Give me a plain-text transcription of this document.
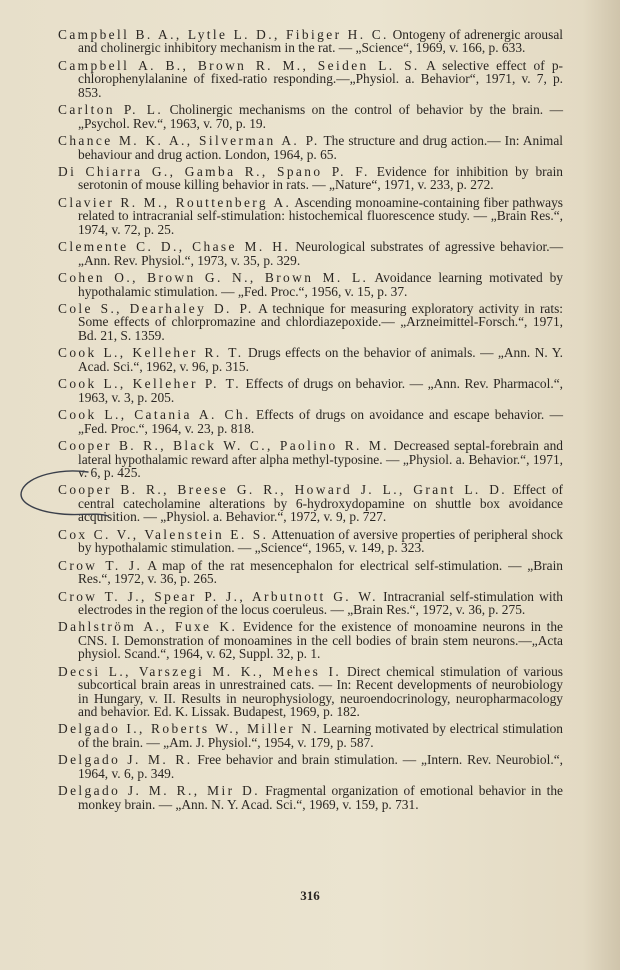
Campbell B. A., Lytle L. D., Fibiger H. C. Ontogeny of adrenergic arousal and cholinergic inhibitory mechanism in the rat. — „Science“, 1969, v. 166, p. 633.

Campbell A. B., Brown R. M., Seiden L. S. A selective effect of p-chlorophenylalanine of fixed-ratio responding.—„Physiol. a. Behavior“, 1971, v. 7, p. 853.

Carlton P. L. Cholinergic mechanisms on the control of behavior by the brain. — „Psychol. Rev.“, 1963, v. 70, p. 19.

Chance M. K. A., Silverman A. P. The structure and drug action.— In: Animal behaviour and drug action. London, 1964, p. 65.

Di Chiarra G., Gamba R., Spano P. F. Evidence for inhibition by brain serotonin of mouse killing behavior in rats. — „Nature“, 1971, v. 233, p. 272.

Clavier R. M., Routtenberg A. Ascending monoamine-containing fiber pathways related to intracranial self-stimulation: histochemical fluorescence study. — „Brain Res.“, 1974, v. 72, p. 25.

Clemente C. D., Chase M. H. Neurological substrates of agressive behavior.—„Ann. Rev. Physiol.“, 1973, v. 35, p. 329.

Cohen O., Brown G. N., Brown M. L. Avoidance learning motivated by hypothalamic stimulation. — „Fed. Proc.“, 1956, v. 15, p. 37.

Cole S., Dearhaley D. P. A technique for measuring exploratory activity in rats: Some effects of chlorpromazine and chlordiazepoxide.— „Arzneimittel-Forsch.“, 1971, Bd. 21, S. 1359.

Cook L., Kelleher R. T. Drugs effects on the behavior of animals. — „Ann. N. Y. Acad. Sci.“, 1962, v. 96, p. 315.

Cook L., Kelleher P. T. Effects of drugs on behavior. — „Ann. Rev. Pharmacol.“, 1963, v. 3, p. 205.

Cook L., Catania A. Ch. Effects of drugs on avoidance and escape behavior. — „Fed. Proc.“, 1964, v. 23, p. 818.

Cooper B. R., Black W. C., Paolino R. M. Decreased septal-forebrain and lateral hypothalamic reward after alpha methyl-typosine. — „Physiol. a. Behavior.“, 1971, v. 6, p. 425.

Cooper B. R., Breese G. R., Howard J. L., Grant L. D. Effect of central catecholamine alterations by 6-hydroxydopamine on shuttle box avoidance acquisition. — „Physiol. a. Behavior.“, 1972, v. 9, p. 727.

Cox C. V., Valenstein E. S. Attenuation of aversive properties of peripheral shock by hypothalamic stimulation. — „Science“, 1965, v. 149, p. 323.

Crow T. J. A map of the rat mesencephalon for electrical self-stimulation. — „Brain Res.“, 1972, v. 36, p. 265.

Crow T. J., Spear P. J., Arbutnott G. W. Intracranial self-stimulation with electrodes in the region of the locus coeruleus. — „Brain Res.“, 1972, v. 36, p. 275.

Dahlström A., Fuxe K. Evidence for the existence of monoamine neurons in the CNS. I. Demonstration of monoamines in the cell bodies of brain stem neurons.—„Acta physiol. Scand.“, 1964, v. 62, Suppl. 32, p. 1.

Decsi L., Varszegi M. K., Mehes I. Direct chemical stimulation of various subcortical brain areas in unrestrained cats. — In: Recent developments of neurobiology in Hungary, v. II. Results in neurophysiology, neuroendocrinology, neuropharmacology and behavior. Ed. K. Lissak. Budapest, 1969, p. 182.

Delgado I., Roberts W., Miller N. Learning motivated by electrical stimulation of the brain. — „Am. J. Physiol.“, 1954, v. 179, p. 587.

Delgado J. M. R. Free behavior and brain stimulation. — „Intern. Rev. Neurobiol.“, 1964, v. 6, p. 349.

Delgado J. M. R., Mir D. Fragmental organization of emotional behavior in the monkey brain. — „Ann. N. Y. Acad. Sci.“, 1969, v. 159, p. 731.

316
